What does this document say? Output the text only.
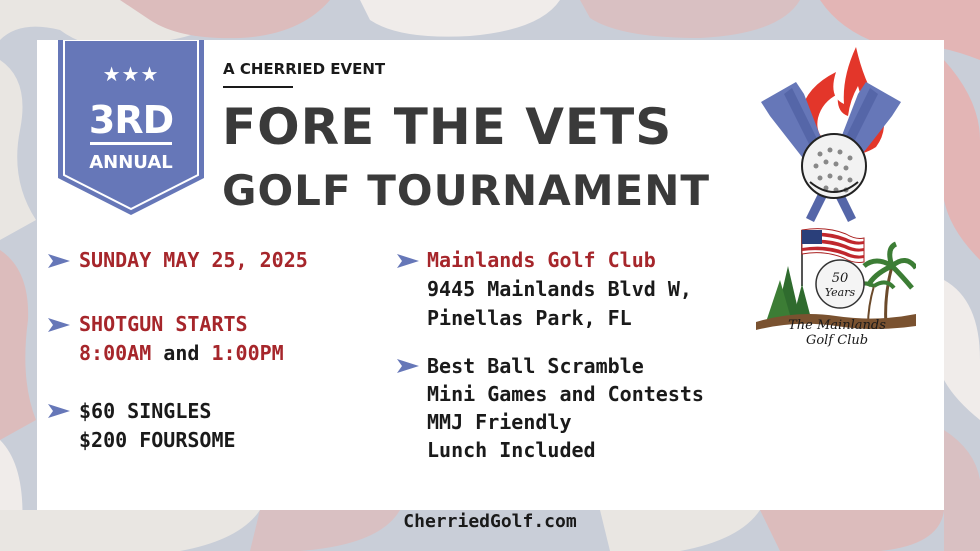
★★★
3RD
ANNUAL
A CHERRIED EVENT
FORE THE VETS
GOLF TOURNAMENT
SUNDAY MAY 25, 2025
SHOTGUN STARTS
8:00AM and 1:00PM
$60 SINGLES
$200 FOURSOME
Mainlands Golf Club
9445 Mainlands Blvd W,
Pinellas Park, FL
Best Ball Scramble
Mini Games and Contests
MMJ Friendly
Lunch Included
50
Years
The Mainlands
Golf Club
CherriedGolf.com
